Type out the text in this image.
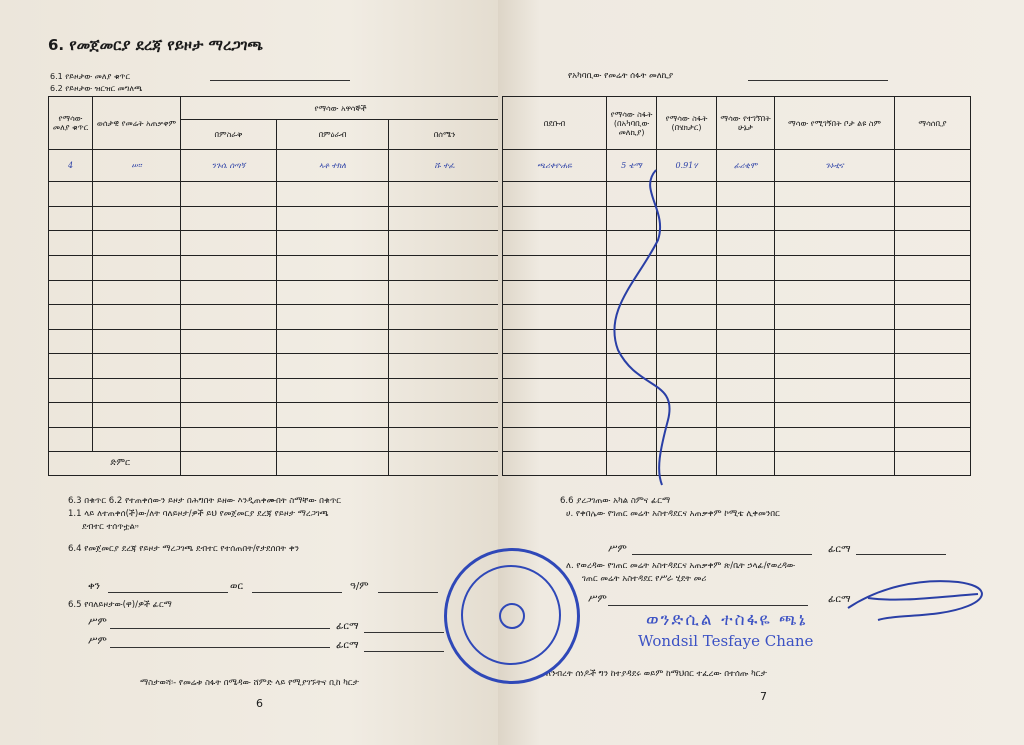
6. የመጀመርያ ደረጃ የይዞታ ማረጋገጫ
6.1 የይዞታው መለያ ቁጥር
6.2 የይዞታው ዝርዝር መግለጫ
የማሳው መለያ ቁጥር	ወሰታዊ የመሬት አጠቃቀም	የማሳው አዋሳኞች		
		በምስራቅ	በምዕራብ	በሰሜን
4	ሠ፡፡	ንጉሴ ሰጣኝ	ኣቶ ተክለ	ሹ ተፈ

ድምር				
6.3 በቁጥር 6.2 የተጠቀሰውን ይዞታ በሕግበት ይዘው እንዲጠቀሙበት ስማቸው በቁጥር
1.1 ላይ ለተጠቀሰ(ች)ው/ለት ባለይዞታ/ዎች ይህ የመጀመርያ ደረጃ የይዞታ ማረጋገጫ
ደብተር ተሰጥቷል።
6.4 የመጀመርያ ደረጃ የይዞታ ማረጋገጫ ደብተር የተሰጠበት/የታደሰበት ቀን
ቀን	ወር	ዓ/ም
6.5 የባለይዞታው(ዋ)/ዎች ፊርማ
ሥም	ፊርማ
ሥም	ፊርማ
ማስታወሻ፡- የመሬቱ ስፋት በሜዳው ሸምድ ላይ የሚያገኙትና ቢከ ካርታ
6
የአካባቢው የመሬት ሰፋት መለኪያ
በደቡብ	የማሳው ስፋት (በአካባቢው መለኪያ)	የማሳው ስፋት (በሄክታር)	ማሳው የተገኘበት ሁኔታ	ማሳው የሚገኝበት ቦታ ልዩ ስም	ማሳሰቢያ
ጫሪቀዮሐዬ	5 ቴማ	0.91ሃ	ፊሪቂሞ	ጉኑቲና	

6.6 ያረጋገጠው አካል ስምና ፊርማ
ሀ. የቀበሌው የገጠር መሬት አስተዳደርና አጠቃቀም ኮሚቴ ሊቀመንበር
ሥም	ፊርማ
ለ. የወረዳው የገጠር መሬት አስተዳደርና አጠቃቀም ጽ/ቤት ኃላፊ/የወረዳው
ገጠር መሬት አስተዳደር የሥራ ሂደት መሪ
ሥም	ፊርማ
ወንድሲል ተስፋዬ ጫኔ
Wondsil Tesfaye Chane
ለንብረት ሰነዶች ግን ከተያዳደሩ ወይም ከማህበር ተፈረው በተሰጡ ካርታ
7
